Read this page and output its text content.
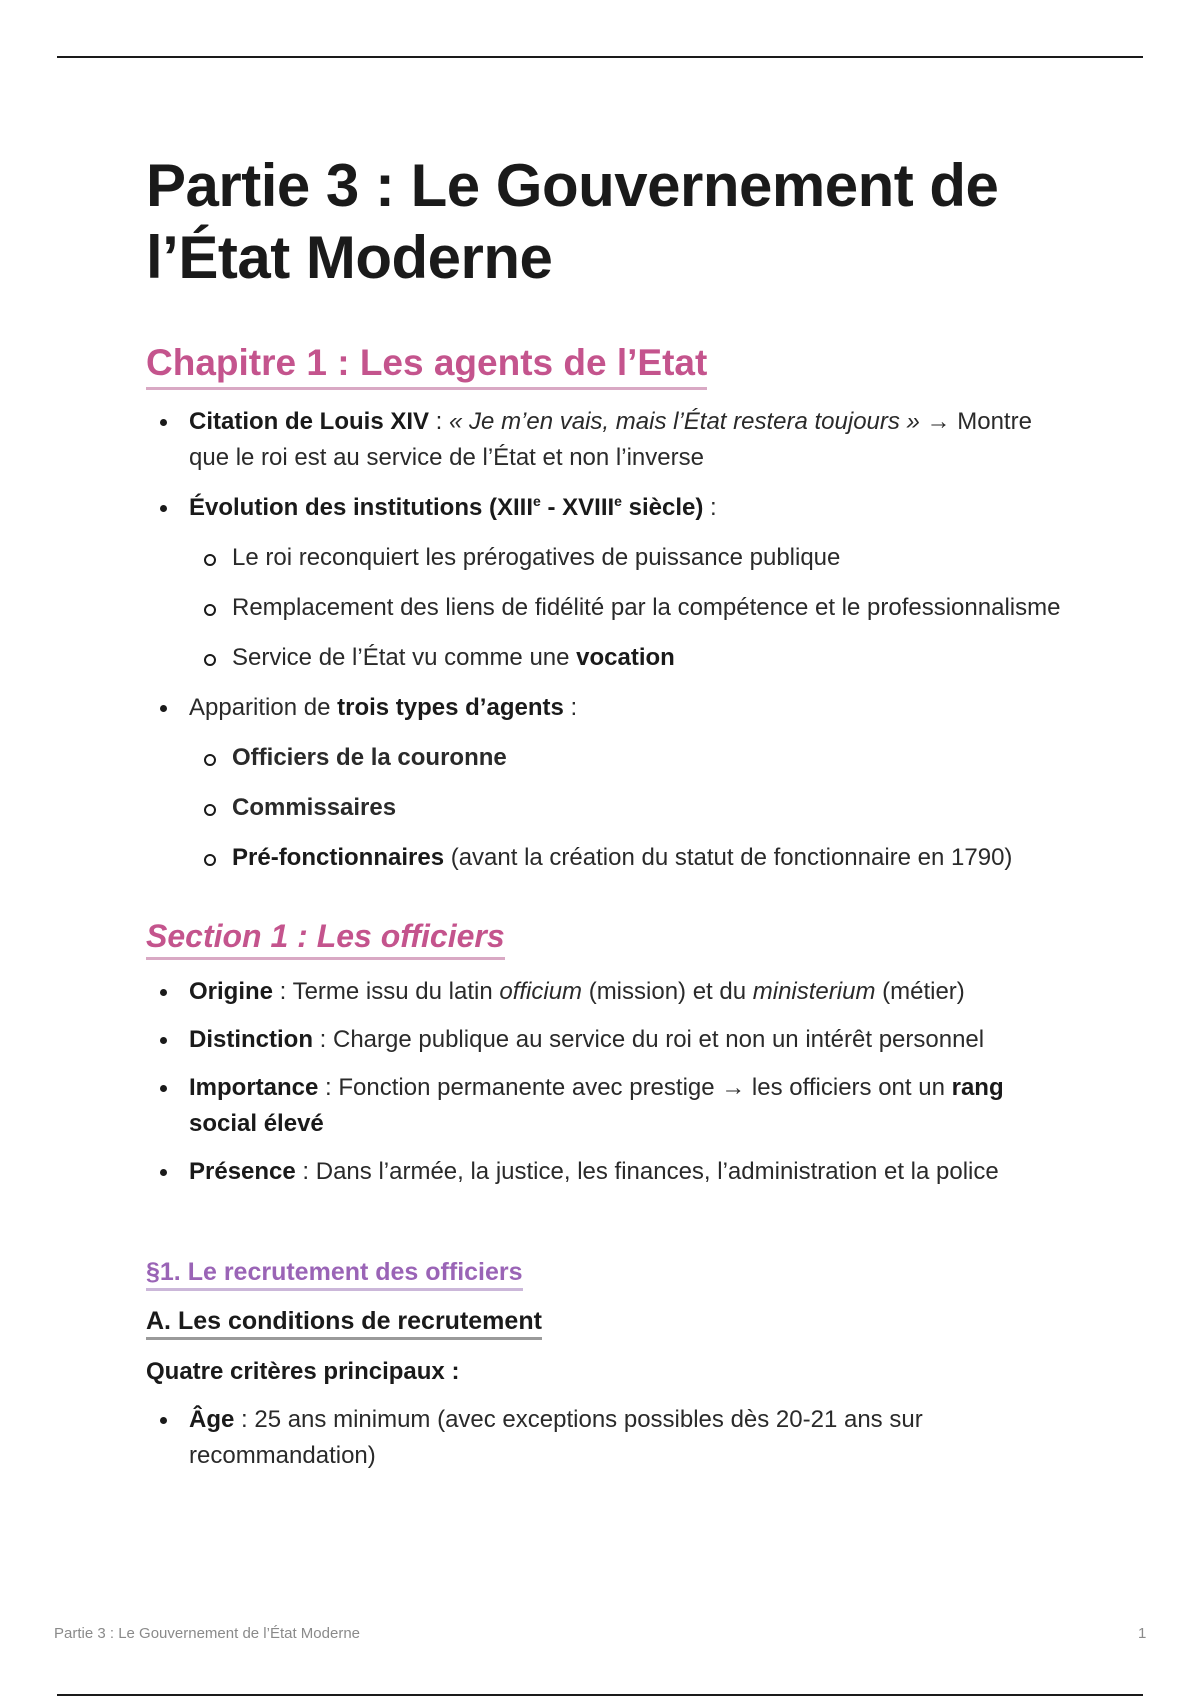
Partie 3 : Le Gouvernement de
l’État Moderne
Chapitre 1 : Les agents de l’Etat
Citation de Louis XIV : « Je m’en vais, mais l’État restera toujours » → Montre que le roi est au service de l’État et non l’inverse
Évolution des institutions (XIIIe - XVIIIe siècle) :
Le roi reconquiert les prérogatives de puissance publique
Remplacement des liens de fidélité par la compétence et le professionnalisme
Service de l’État vu comme une vocation
Apparition de trois types d’agents :
Officiers de la couronne
Commissaires
Pré-fonctionnaires (avant la création du statut de fonctionnaire en 1790)
Section 1 : Les officiers
Origine : Terme issu du latin officium (mission) et du ministerium (métier)
Distinction : Charge publique au service du roi et non un intérêt personnel
Importance : Fonction permanente avec prestige → les officiers ont un rang social élevé
Présence : Dans l’armée, la justice, les finances, l’administration et la police
§1. Le recrutement des officiers
A. Les conditions de recrutement

Quatre critères principaux :

Âge : 25 ans minimum (avec exceptions possibles dès 20-21 ans sur recommandation)
Partie 3 : Le Gouvernement de l’État Moderne	1
